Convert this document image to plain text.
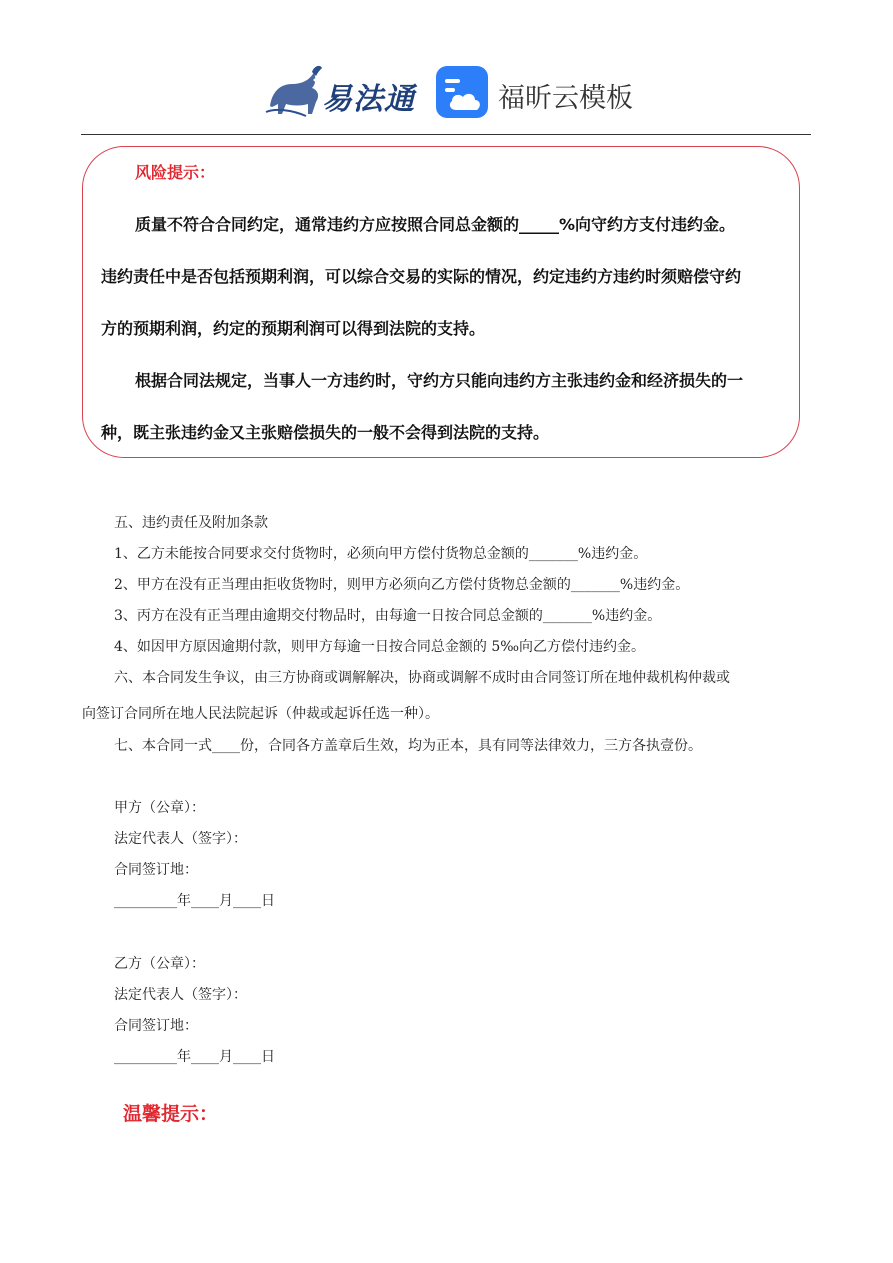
易法通	福昕云模板
风险提示：
质量不符合合同约定，通常违约方应按照合同总金额的_____%向守约方支付违约金。
违约责任中是否包括预期利润，可以综合交易的实际的情况，约定违约方违约时须赔偿守约
方的预期利润，约定的预期利润可以得到法院的支持。
根据合同法规定，当事人一方违约时，守约方只能向违约方主张违约金和经济损失的一
种，既主张违约金又主张赔偿损失的一般不会得到法院的支持。
五、违约责任及附加条款
1、乙方未能按合同要求交付货物时，必须向甲方偿付货物总金额的_______%违约金。
2、甲方在没有正当理由拒收货物时，则甲方必须向乙方偿付货物总金额的_______%违约金。
3、丙方在没有正当理由逾期交付物品时，由每逾一日按合同总金额的_______%违约金。
4、如因甲方原因逾期付款，则甲方每逾一日按合同总金额的 5‰向乙方偿付违约金。
六、本合同发生争议，由三方协商或调解解决，协商或调解不成时由合同签订所在地仲裁机构仲裁或
向签订合同所在地人民法院起诉（仲裁或起诉任选一种）。
七、本合同一式____份，合同各方盖章后生效，均为正本，具有同等法律效力，三方各执壹份。
甲方（公章）：
法定代表人（签字）：
合同签订地：
_________年____月____日
乙方（公章）：
法定代表人（签字）：
合同签订地：
_________年____月____日
温馨提示：
